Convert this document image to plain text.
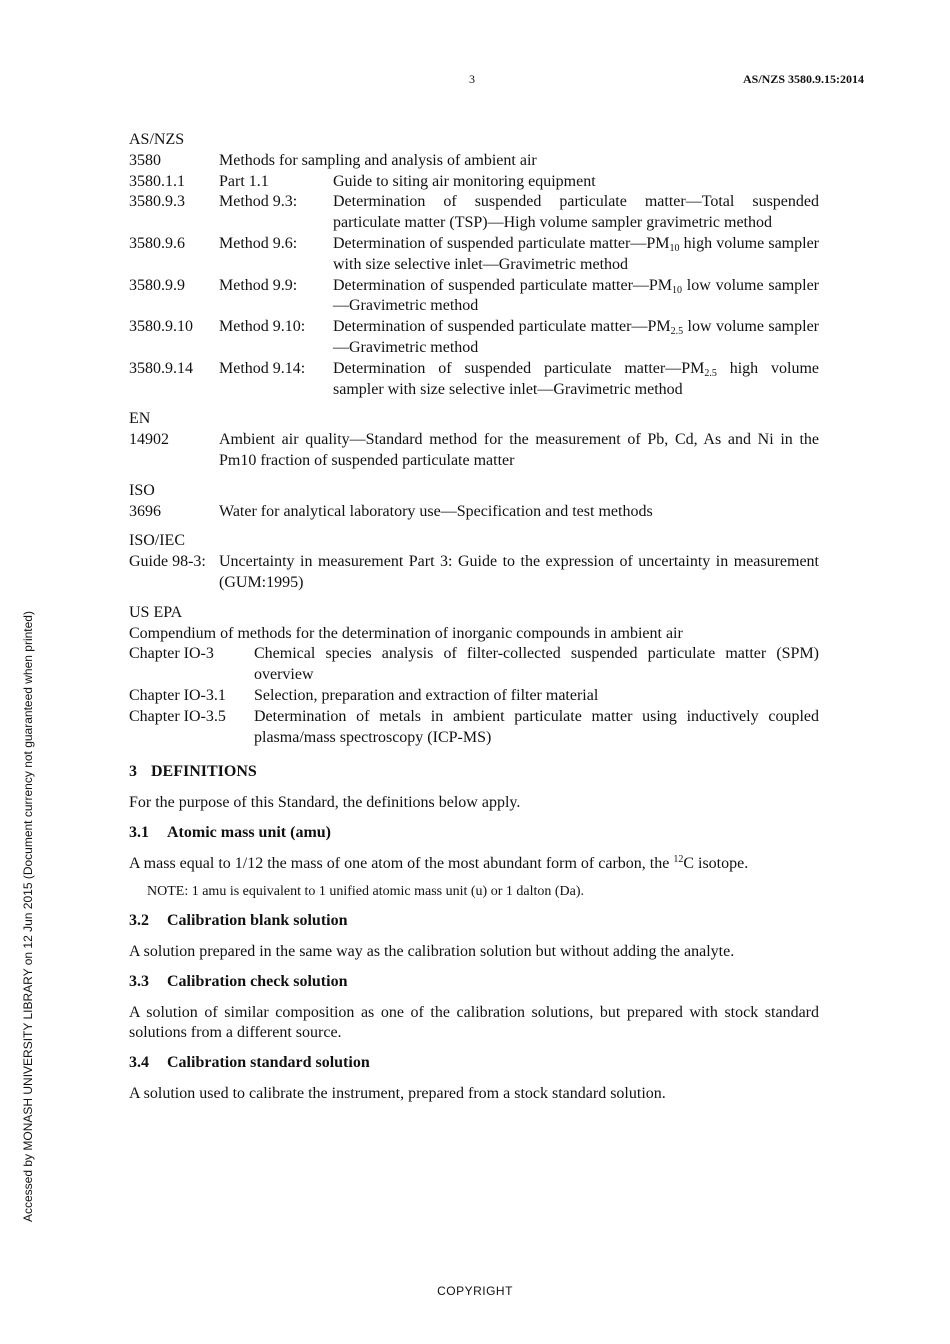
3	AS/NZS 3580.9.15:2014
Accessed by MONASH UNIVERSITY LIBRARY on 12 Jun 2015 (Document currency not guaranteed when printed)
AS/NZS
3580	Methods for sampling and analysis of ambient air
3580.1.1	Part 1.1	Guide to siting air monitoring equipment
3580.9.3	Method 9.3:	Determination of suspended particulate matter—Total suspended particulate matter (TSP)—High volume sampler gravimetric method
3580.9.6	Method 9.6:	Determination of suspended particulate $matter—PM_{10}$ high volume sampler with size selective inlet—Gravimetric method
3580.9.9	Method 9.9:	Determination of suspended particulate $matter—PM_{10}$ low volume sampler—Gravimetric method
3580.9.10	Method 9.10:	Determination of suspended particulate $matter—PM_{2.5}$ low volume sampler—Gravimetric method
3580.9.14	Method 9.14:	Determination of suspended particulate $matter—PM_{2.5}$ high volume sampler with size selective inlet—Gravimetric method
EN
14902	Ambient air quality—Standard method for the measurement of Pb, Cd, As and Ni in the Pm10 fraction of suspended particulate matter
ISO
3696	Water for analytical laboratory use—Specification and test methods
ISO/IEC
Guide 98-3: Uncertainty in measurement Part 3: Guide to the expression of uncertainty in measurement (GUM:1995)
US EPA
Compendium of methods for the determination of inorganic compounds in ambient air
Chapter IO-3	Chemical species analysis of filter-collected suspended particulate matter (SPM) overview
Chapter IO-3.1	Selection, preparation and extraction of filter material
Chapter IO-3.5	Determination of metals in ambient particulate matter using inductively coupled plasma/mass spectroscopy (ICP-MS)
3 DEFINITIONS
For the purpose of this Standard, the definitions below apply.
3.1 Atomic mass unit (amu)
A mass equal to 1/12 the mass of one atom of the most abundant form of carbon, the $^{12}$C isotope.
NOTE: 1 amu is equivalent to 1 unified atomic mass unit (u) or 1 dalton (Da).
3.2 Calibration blank solution
A solution prepared in the same way as the calibration solution but without adding the analyte.
3.3 Calibration check solution
A solution of similar composition as one of the calibration solutions, but prepared with stock standard solutions from a different source.
3.4 Calibration standard solution
A solution used to calibrate the instrument, prepared from a stock standard solution.
COPYRIGHT
